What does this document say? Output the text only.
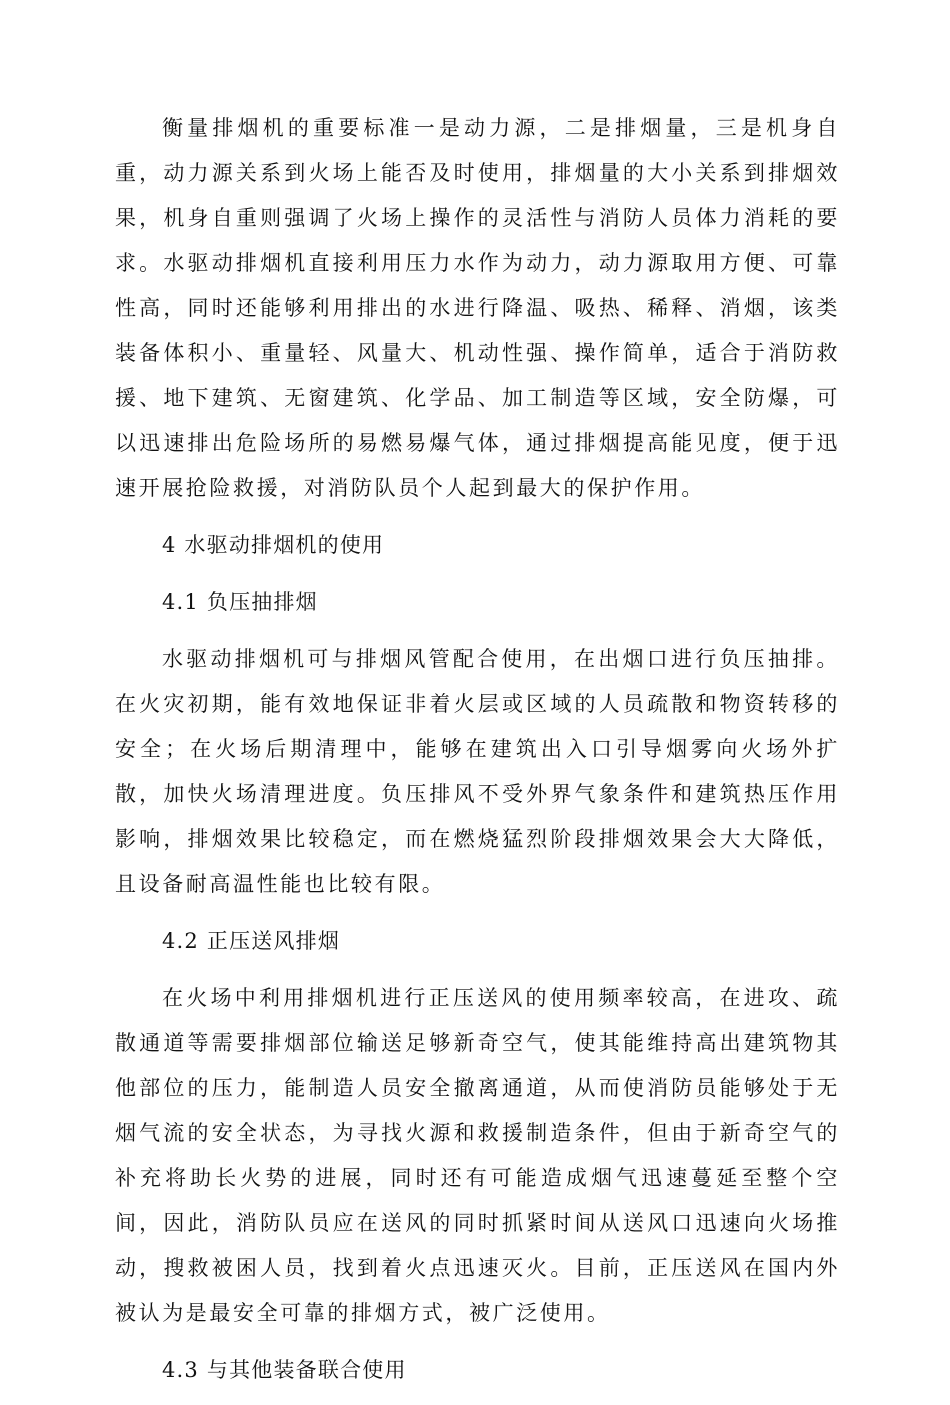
衡量排烟机的重要标准一是动力源，二是排烟量，三是机身自重，动力源关系到火场上能否及时使用，排烟量的大小关系到排烟效果，机身自重则强调了火场上操作的灵活性与消防人员体力消耗的要求。水驱动排烟机直接利用压力水作为动力，动力源取用方便、可靠性高，同时还能够利用排出的水进行降温、吸热、稀释、消烟，该类装备体积小、重量轻、风量大、机动性强、操作简单，适合于消防救援、地下建筑、无窗建筑、化学品、加工制造等区域，安全防爆，可以迅速排出危险场所的易燃易爆气体，通过排烟提高能见度，便于迅速开展抢险救援，对消防队员个人起到最大的保护作用。

4 水驱动排烟机的使用

4.1 负压抽排烟

水驱动排烟机可与排烟风管配合使用，在出烟口进行负压抽排。在火灾初期，能有效地保证非着火层或区域的人员疏散和物资转移的安全；在火场后期清理中，能够在建筑出入口引导烟雾向火场外扩散，加快火场清理进度。负压排风不受外界气象条件和建筑热压作用影响，排烟效果比较稳定，而在燃烧猛烈阶段排烟效果会大大降低，且设备耐高温性能也比较有限。

4.2 正压送风排烟

在火场中利用排烟机进行正压送风的使用频率较高，在进攻、疏散通道等需要排烟部位输送足够新奇空气，使其能维持高出建筑物其他部位的压力，能制造人员安全撤离通道，从而使消防员能够处于无烟气流的安全状态，为寻找火源和救援制造条件，但由于新奇空气的补充将助长火势的进展，同时还有可能造成烟气迅速蔓延至整个空间，因此，消防队员应在送风的同时抓紧时间从送风口迅速向火场推动，搜救被困人员，找到着火点迅速灭火。目前，正压送风在国内外被认为是最安全可靠的排烟方式，被广泛使用。

4.3 与其他装备联合使用
